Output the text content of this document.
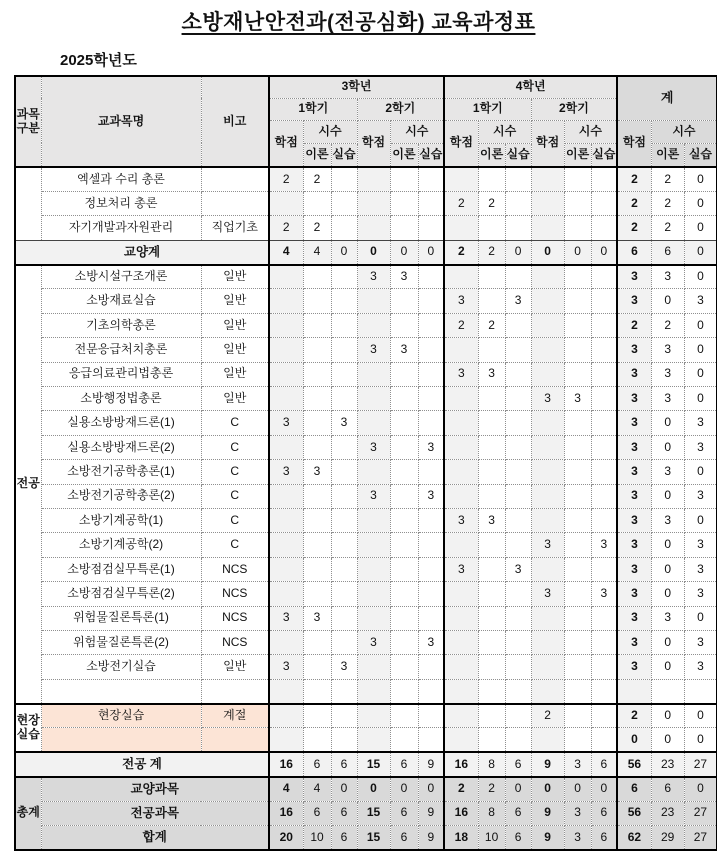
소방재난안전과(전공심화) 교육과정표
2025학년도
과목구분	교과목명	비고	3학년						4학년						계		
			1학기			2학기			1학기			2학기					
			학점	시수		학점	시수		학점	시수		학점	시수		학점	시수	
				이론	실습		이론	실습		이론	실습		이론	실습		이론	실습
	엑셀과 수리 총론		2	2											2	2	0
	정보처리 총론								2	2					2	2	0
	자기개발과자원관리	직업기초	2	2											2	2	0
교양계			4	4	0	0	0	0	2	2	0	0	0	0	6	6	0
전공	소방시설구조개론	일반				3	3								3	3	0
	소방재료실습	일반							3		3				3	0	3
	기초의학총론	일반							2	2					2	2	0
	전문응급처치총론	일반				3	3								3	3	0
	응급의료관리법총론	일반							3	3					3	3	0
	소방행정법총론	일반										3	3		3	3	0
	실용소방방재드론(1)	C	3		3										3	0	3
	실용소방방재드론(2)	C				3		3							3	0	3
	소방전기공학총론(1)	C	3	3											3	3	0
	소방전기공학총론(2)	C				3		3							3	0	3
	소방기계공학(1)	C							3	3					3	3	0
	소방기계공학(2)	C										3		3	3	0	3
	소방점검실무특론(1)	NCS							3		3				3	0	3
	소방점검실무특론(2)	NCS										3		3	3	0	3
	위험물질론특론(1)	NCS	3	3											3	3	0
	위험물질론특론(2)	NCS				3		3							3	0	3
	소방전기실습	일반	3		3										3	0	3

현장실습	현장실습	계절										2			2	0	0
															0	0	0
전공 계			16	6	6	15	6	9	16	8	6	9	3	6	56	23	27
총계	교양과목		4	4	0	0	0	0	2	2	0	0	0	0	6	6	0
	전공과목		16	6	6	15	6	9	16	8	6	9	3	6	56	23	27
	합계		20	10	6	15	6	9	18	10	6	9	3	6	62	29	27
